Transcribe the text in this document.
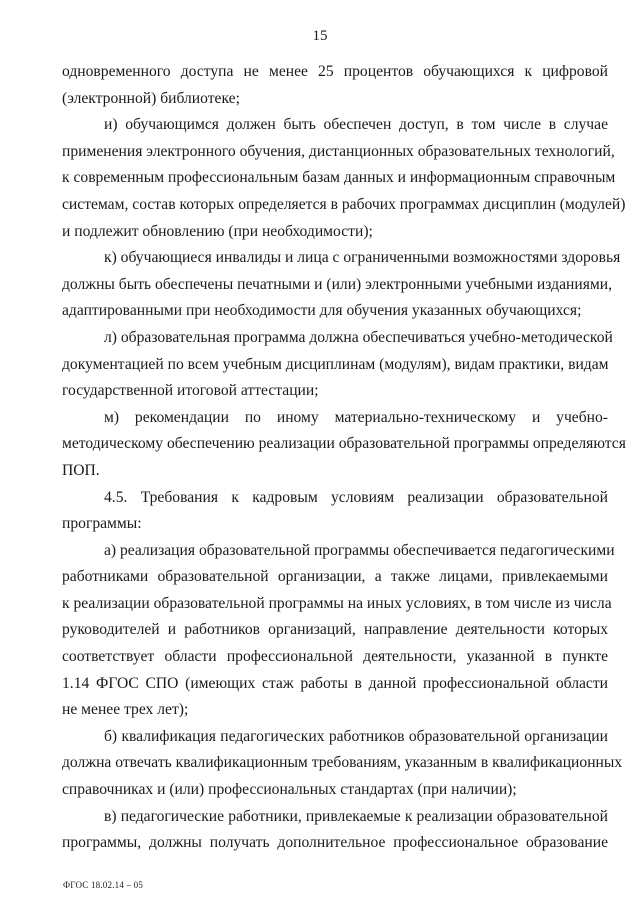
15
одновременного доступа не менее 25 процентов обучающихся к цифровой
(электронной) библиотеке;
и) обучающимся должен быть обеспечен доступ, в том числе в случае
применения электронного обучения, дистанционных образовательных технологий,
к современным профессиональным базам данных и информационным справочным
системам, состав которых определяется в рабочих программах дисциплин (модулей)
и подлежит обновлению (при необходимости);
к) обучающиеся инвалиды и лица с ограниченными возможностями здоровья
должны быть обеспечены печатными и (или) электронными учебными изданиями,
адаптированными при необходимости для обучения указанных обучающихся;
л) образовательная программа должна обеспечиваться учебно-методической
документацией по всем учебным дисциплинам (модулям), видам практики, видам
государственной итоговой аттестации;
м) рекомендации по иному материально-техническому и учебно-
методическому обеспечению реализации образовательной программы определяются
ПОП.
4.5. Требования к кадровым условиям реализации образовательной
программы:
а) реализация образовательной программы обеспечивается педагогическими
работниками образовательной организации, а также лицами, привлекаемыми
к реализации образовательной программы на иных условиях, в том числе из числа
руководителей и работников организаций, направление деятельности которых
соответствует области профессиональной деятельности, указанной в пункте
1.14 ФГОС СПО (имеющих стаж работы в данной профессиональной области
не менее трех лет);
б) квалификация педагогических работников образовательной организации
должна отвечать квалификационным требованиям, указанным в квалификационных
справочниках и (или) профессиональных стандартах (при наличии);
в) педагогические работники, привлекаемые к реализации образовательной
программы, должны получать дополнительное профессиональное образование
ФГОС 18.02.14 – 05
